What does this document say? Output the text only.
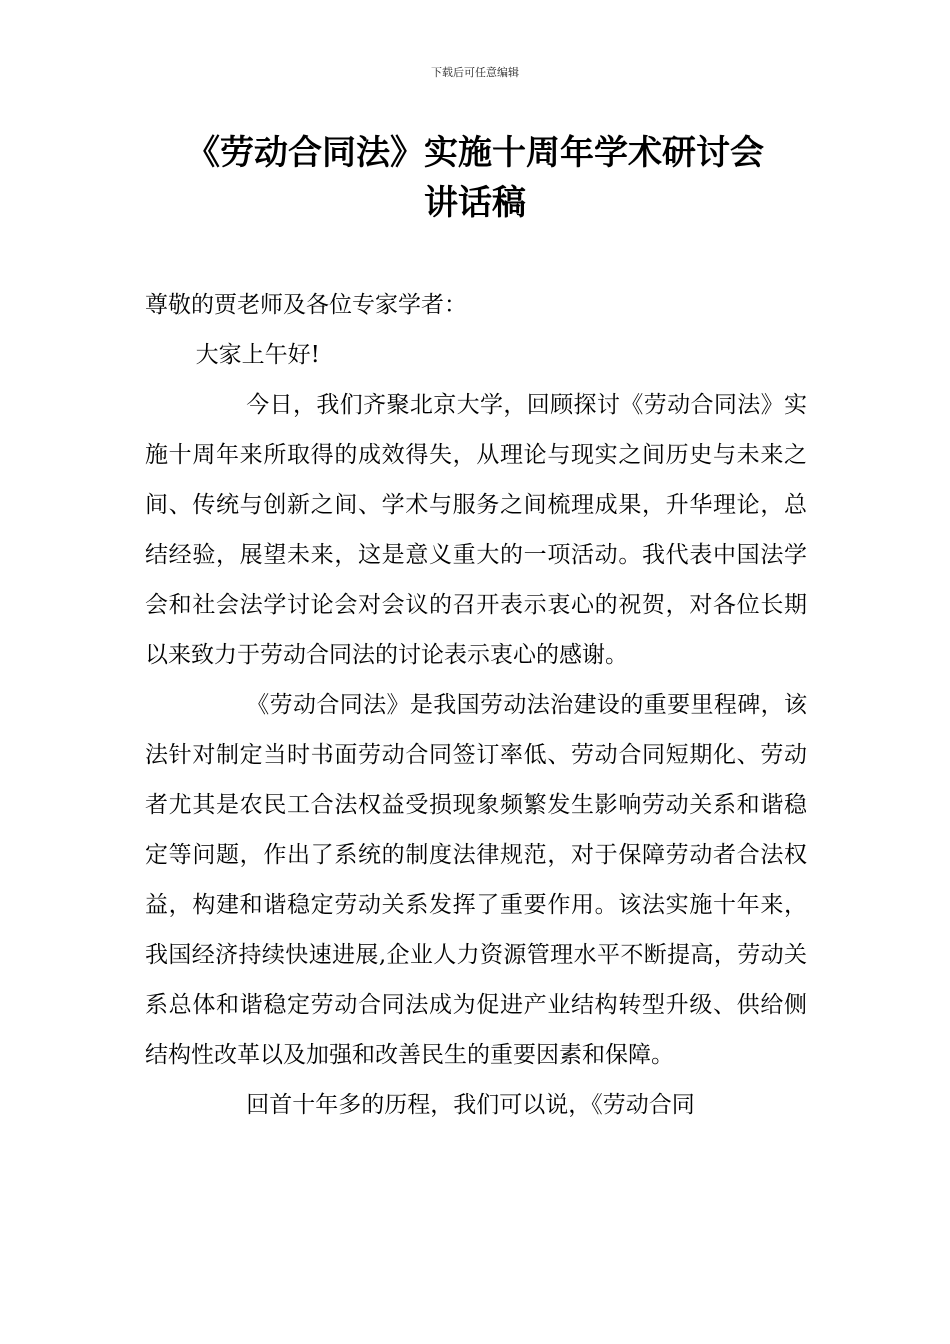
下载后可任意编辑
《劳动合同法》实施十周年学术研讨会
讲话稿

尊敬的贾老师及各位专家学者：

大家上午好!

今日，我们齐聚北京大学，回顾探讨《劳动合同法》实施十周年来所取得的成效得失，从理论与现实之间历史与未来之间、传统与创新之间、学术与服务之间梳理成果，升华理论，总结经验，展望未来，这是意义重大的一项活动。我代表中国法学会和社会法学讨论会对会议的召开表示衷心的祝贺，对各位长期以来致力于劳动合同法的讨论表示衷心的感谢。

《劳动合同法》是我国劳动法治建设的重要里程碑，该法针对制定当时书面劳动合同签订率低、劳动合同短期化、劳动者尤其是农民工合法权益受损现象频繁发生影响劳动关系和谐稳定等问题，作出了系统的制度法律规范，对于保障劳动者合法权益，构建和谐稳定劳动关系发挥了重要作用。该法实施十年来，我国经济持续快速进展,企业人力资源管理水平不断提高，劳动关系总体和谐稳定劳动合同法成为促进产业结构转型升级、供给侧结构性改革以及加强和改善民生的重要因素和保障。

回首十年多的历程，我们可以说，《劳动合同
